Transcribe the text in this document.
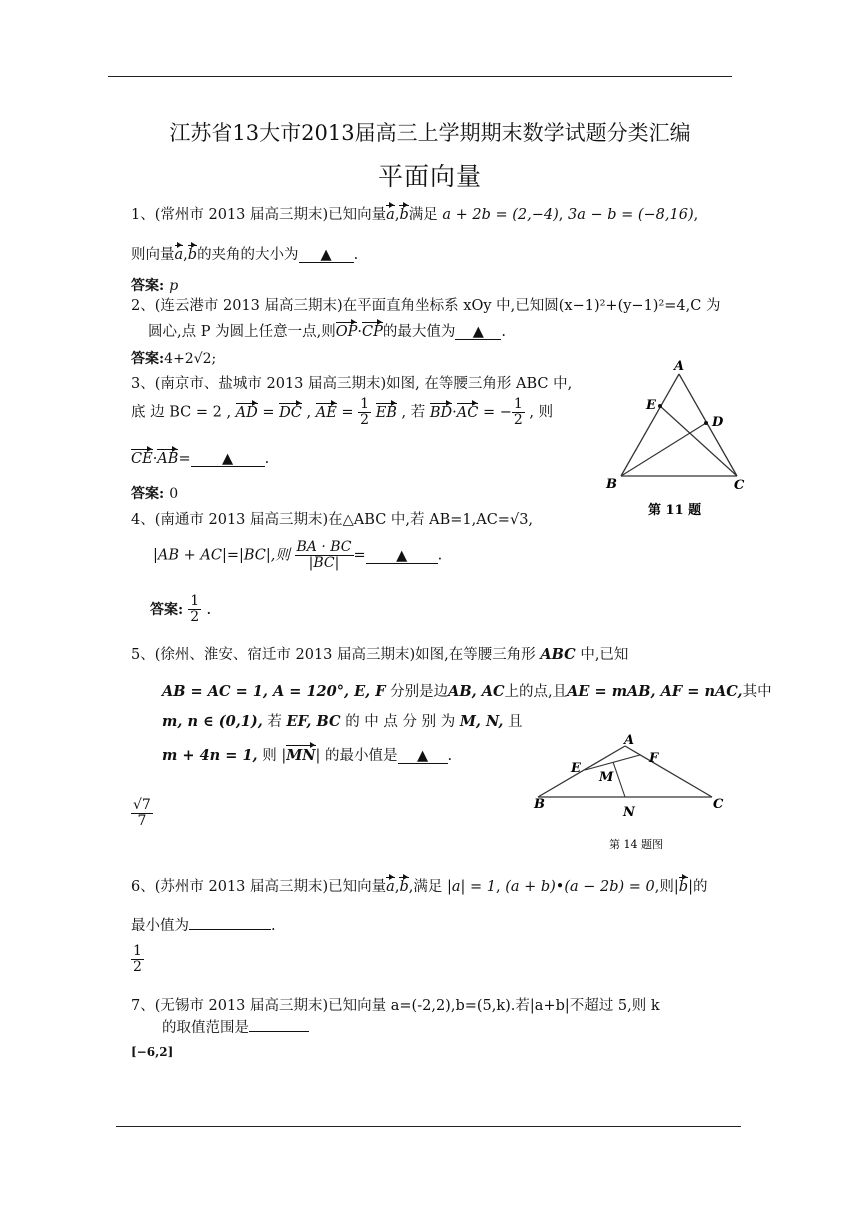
江苏省13大市2013届高三上学期期末数学试题分类汇编
平面向量
1、(常州市 2013 届高三期末)已知向量a,b满足 a + 2b = (2,−4), 3a − b = (−8,16),
则向量a,b的夹角的大小为 ▲ .
答案: p
2、(连云港市 2013 届高三期末)在平面直角坐标系 xOy 中,已知圆(x−1)²+(y−1)²=4,C 为
圆心,点 P 为圆上任意一点,则OP·CP的最大值为 ▲ .
答案:4+2√2;
3、(南京市、盐城市 2013 届高三期末)如图, 在等腰三角形 ABC 中,
底 边 BC = 2 , AD = DC , AE = $\frac{1}{2}$ EB , 若 BD·AC = − $\frac{1}{2}$ , 则
CE·AB= ▲ .
答案: 0
A
E
D
B	C
第 11 题
4、(南通市 2013 届高三期末)在△ABC 中,若 AB=1,AC=√3,
|AB + AC|=|BC|,则 $\frac{BA \cdot BC}{|BC|}$ = ▲ .
答案: $\frac{1}{2}$ .
5、(徐州、淮安、宿迁市 2013 届高三期末)如图,在等腰三角形 ABC 中,已知
AB = AC = 1, A = 120°, E, F 分别是边AB, AC上的点,且AE = mAB, AF = nAC,其中
m, n ∈ (0,1), 若 EF, BC 的 中 点 分 别 为 M, N, 且
m + 4n = 1, 则 |MN| 的最小值是 ▲ .
$\frac{√7}{7}$
A
F
E
M
B
N
C
第 14 题图
6、(苏州市 2013 届高三期末)已知向量a,b,满足 |a| = 1, (a + b)•(a − 2b) = 0,则|b|的
最小值为	.
$\frac{1}{2}$
7、(无锡市 2013 届高三期末)已知向量 a=(-2,2),b=(5,k).若|a+b|不超过 5,则 k
的取值范围是
[−6,2]
